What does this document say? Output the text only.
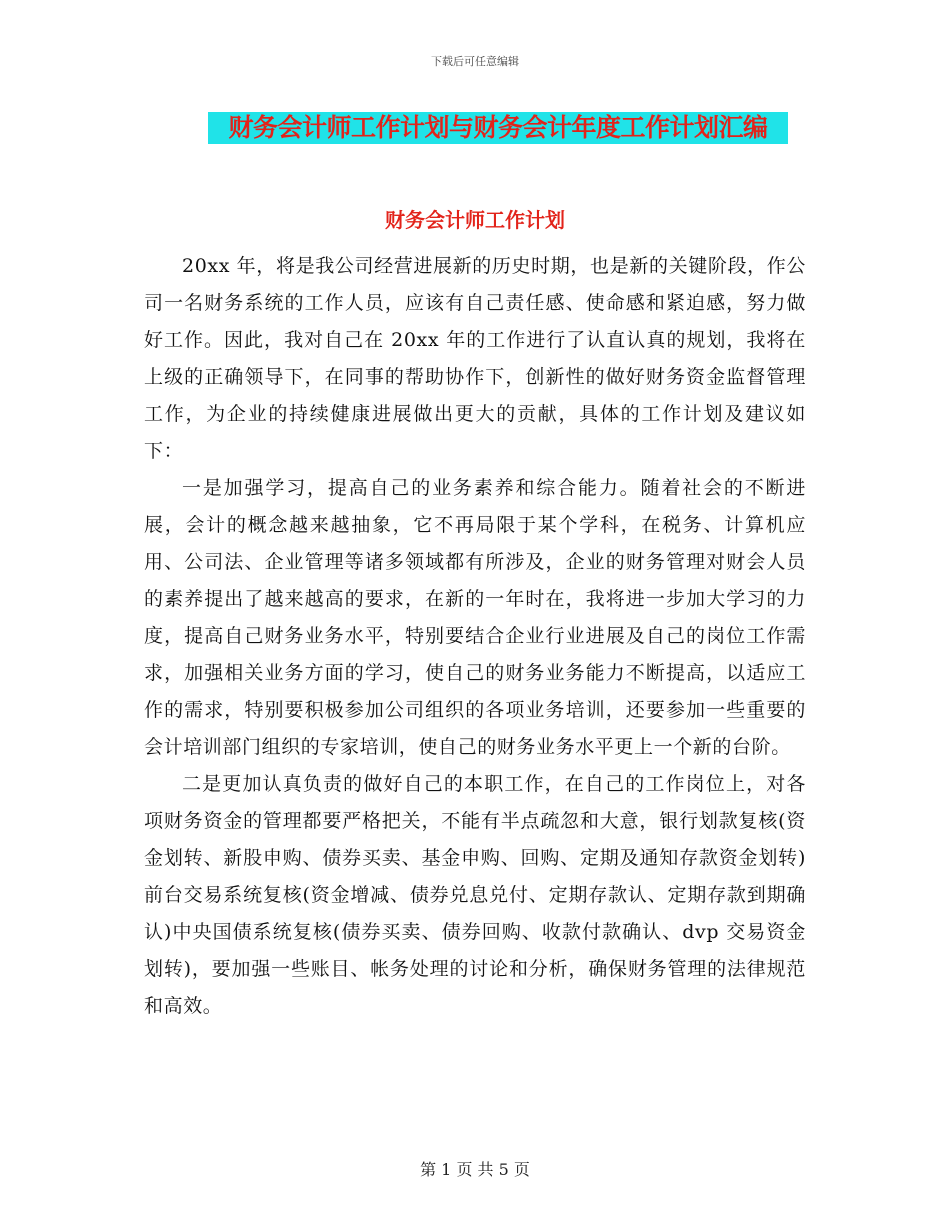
下载后可任意编辑
财务会计师工作计划与财务会计年度工作计划汇编
财务会计师工作计划

20xx 年，将是我公司经营进展新的历史时期，也是新的关键阶段，作公司一名财务系统的工作人员，应该有自己责任感、使命感和紧迫感，努力做好工作。因此，我对自己在 20xx 年的工作进行了认直认真的规划，我将在上级的正确领导下，在同事的帮助协作下，创新性的做好财务资金监督管理工作，为企业的持续健康进展做出更大的贡献，具体的工作计划及建议如下：

一是加强学习，提高自己的业务素养和综合能力。随着社会的不断进展，会计的概念越来越抽象，它不再局限于某个学科，在税务、计算机应用、公司法、企业管理等诸多领域都有所涉及，企业的财务管理对财会人员的素养提出了越来越高的要求，在新的一年时在，我将进一步加大学习的力度，提高自己财务业务水平，特别要结合企业行业进展及自己的岗位工作需求，加强相关业务方面的学习，使自己的财务业务能力不断提高，以适应工作的需求，特别要积极参加公司组织的各项业务培训，还要参加一些重要的会计培训部门组织的专家培训，使自己的财务业务水平更上一个新的台阶。

二是更加认真负责的做好自己的本职工作，在自己的工作岗位上，对各项财务资金的管理都要严格把关，不能有半点疏忽和大意，银行划款复核(资金划转、新股申购、债券买卖、基金申购、回购、定期及通知存款资金划转)前台交易系统复核(资金增减、债券兑息兑付、定期存款认、定期存款到期确认)中央国债系统复核(债券买卖、债券回购、收款付款确认、dvp 交易资金划转)，要加强一些账目、帐务处理的讨论和分析，确保财务管理的法律规范和高效。

第 1 页 共 5 页
